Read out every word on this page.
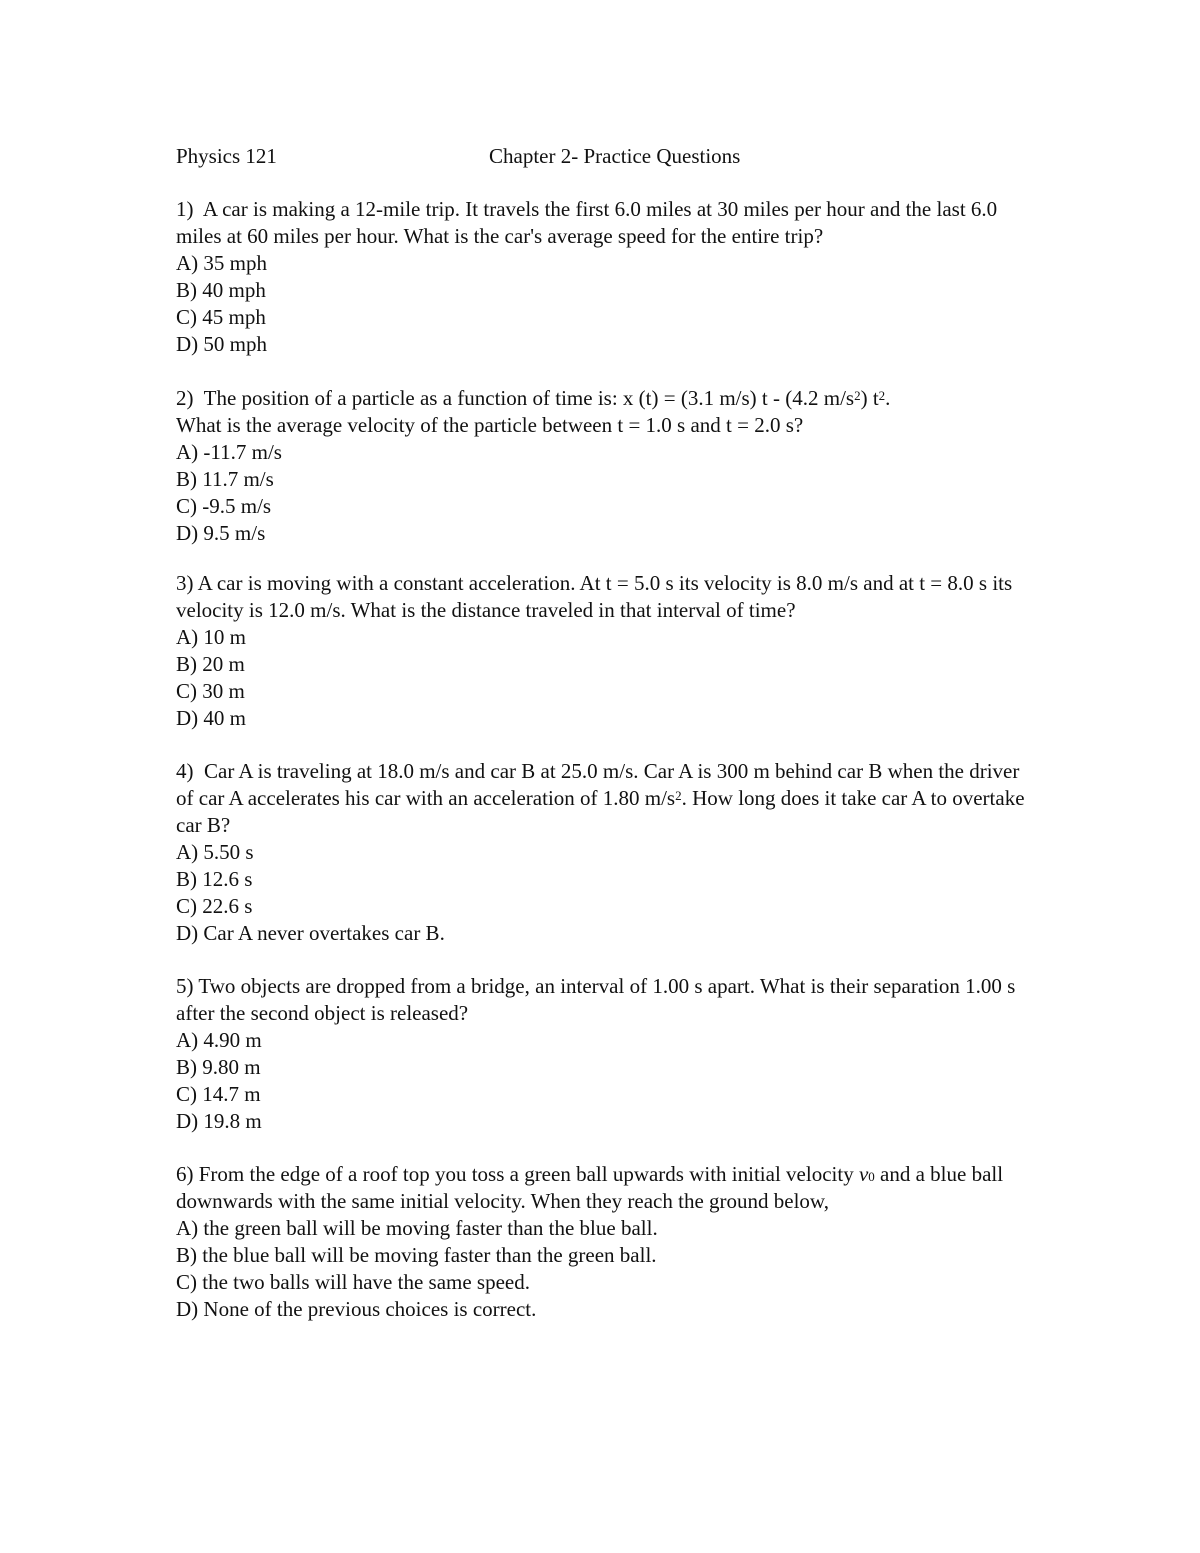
Physics 121	Chapter 2- Practice Questions

1) A car is making a 12-mile trip. It travels the first 6.0 miles at 30 miles per hour and the last 6.0 miles at 60 miles per hour. What is the car's average speed for the entire trip?

A) 35 mph
B) 40 mph
C) 45 mph
D) 50 mph

2) The position of a particle as a function of time is: x (t) = (3.1 m/s) t - (4.2 $m/s^2$) $t^2$.
What is the average velocity of the particle between t = 1.0 s and t = 2.0 s?

A) -11.7 m/s
B) 11.7 m/s
C) -9.5 m/s
D) 9.5 m/s

3) A car is moving with a constant acceleration. At t = 5.0 s its velocity is 8.0 m/s and at t = 8.0 s its velocity is 12.0 m/s. What is the distance traveled in that interval of time?

A) 10 m
B) 20 m
C) 30 m
D) 40 m

4) Car A is traveling at 18.0 m/s and car B at 25.0 m/s. Car A is 300 m behind car B when the driver of car A accelerates his car with an acceleration of 1.80 $m/s^2$. How long does it take car A to overtake car B?

A) 5.50 s
B) 12.6 s
C) 22.6 s
D) Car A never overtakes car B.

5) Two objects are dropped from a bridge, an interval of 1.00 s apart. What is their separation 1.00 s after the second object is released?

A) 4.90 m
B) 9.80 m
C) 14.7 m
D) 19.8 m

6) From the edge of a roof top you toss a green ball upwards with initial velocity $v_0$ and a blue ball downwards with the same initial velocity. When they reach the ground below,

A) the green ball will be moving faster than the blue ball.
B) the blue ball will be moving faster than the green ball.
C) the two balls will have the same speed.
D) None of the previous choices is correct.
